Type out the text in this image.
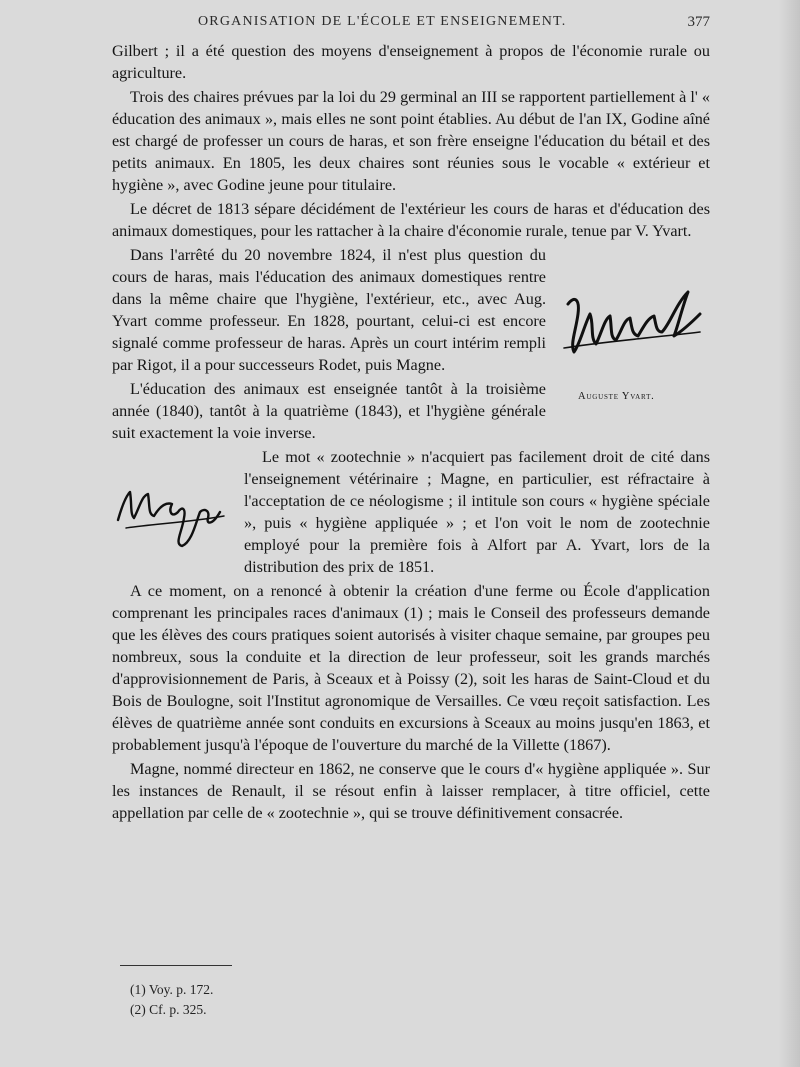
ORGANISATION DE L'ÉCOLE ET ENSEIGNEMENT.	377

Gilbert ; il a été question des moyens d'enseignement à propos de l'économie rurale ou agriculture.

Trois des chaires prévues par la loi du 29 germinal an III se rapportent partiellement à l' « éducation des animaux », mais elles ne sont point établies. Au début de l'an IX, Godine aîné est chargé de professer un cours de haras, et son frère enseigne l'éducation du bétail et des petits animaux. En 1805, les deux chaires sont réunies sous le vocable « extérieur et hygiène », avec Godine jeune pour titulaire.

Le décret de 1813 sépare décidément de l'extérieur les cours de haras et d'éducation des animaux domestiques, pour les rattacher à la chaire d'économie rurale, tenue par V. Yvart.

Auguste Yvart.

Dans l'arrêté du 20 novembre 1824, il n'est plus question du cours de haras, mais l'éducation des animaux domestiques rentre dans la même chaire que l'hygiène, l'extérieur, etc., avec Aug. Yvart comme professeur. En 1828, pourtant, celui-ci est encore signalé comme professeur de haras. Après un court intérim rempli par Rigot, il a pour successeurs Rodet, puis Magne.

L'éducation des animaux est enseignée tantôt à la troisième année (1840), tantôt à la quatrième (1843), et l'hygiène générale suit exactement la voie inverse.

Le mot « zootechnie » n'acquiert pas facilement droit de cité dans l'enseignement vétérinaire ; Magne, en particulier, est réfractaire à l'acceptation de ce néologisme ; il intitule son cours « hygiène spéciale », puis « hygiène appliquée » ; et l'on voit le nom de zootechnie employé pour la première fois à Alfort par A. Yvart, lors de la distribution des prix de 1851.

A ce moment, on a renoncé à obtenir la création d'une ferme ou École d'application comprenant les principales races d'animaux (1) ; mais le Conseil des professeurs demande que les élèves des cours pratiques soient autorisés à visiter chaque semaine, par groupes peu nombreux, sous la conduite et la direction de leur professeur, soit les grands marchés d'approvisionnement de Paris, à Sceaux et à Poissy (2), soit les haras de Saint-Cloud et du Bois de Boulogne, soit l'Institut agronomique de Versailles. Ce vœu reçoit satisfaction. Les élèves de quatrième année sont conduits en excursions à Sceaux au moins jusqu'en 1863, et probablement jusqu'à l'époque de l'ouverture du marché de la Villette (1867).

Magne, nommé directeur en 1862, ne conserve que le cours d'« hygiène appliquée ». Sur les instances de Renault, il se résout enfin à laisser remplacer, à titre officiel, cette appellation par celle de « zootechnie », qui se trouve définitivement consacrée.

(1) Voy. p. 172.
(2) Cf. p. 325.
